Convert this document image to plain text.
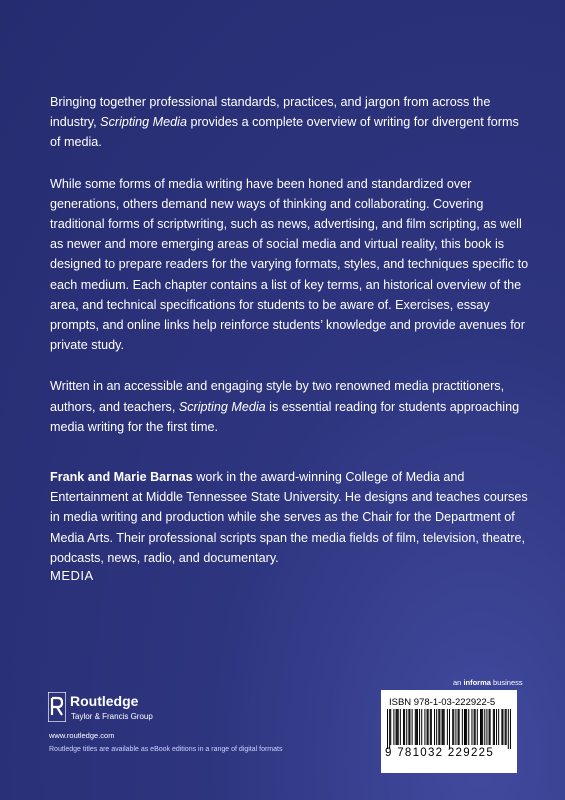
Bringing together professional standards, practices, and jargon from across the industry, Scripting Media provides a complete overview of writing for divergent forms of media.

While some forms of media writing have been honed and standardized over generations, others demand new ways of thinking and collaborating. Covering traditional forms of scriptwriting, such as news, advertising, and film scripting, as well as newer and more emerging areas of social media and virtual reality, this book is designed to prepare readers for the varying formats, styles, and techniques specific to each medium. Each chapter contains a list of key terms, an historical overview of the area, and technical specifications for students to be aware of. Exercises, essay prompts, and online links help reinforce students’ knowledge and provide avenues for private study.

Written in an accessible and engaging style by two renowned media practitioners, authors, and teachers, Scripting Media is essential reading for students approaching media writing for the first time.

Frank and Marie Barnas work in the award-winning College of Media and Entertainment at Middle Tennessee State University. He designs and teaches courses in media writing and production while she serves as the Chair for the Department of Media Arts. Their professional scripts span the media fields of film, television, theatre, podcasts, news, radio, and documentary.

MEDIA
an informa business
Routledge
Taylor & Francis Group
www.routledge.com
Routledge titles are available as eBook editions in a range of digital formats
ISBN 978-1-03-222922-5
9 781032 229225
